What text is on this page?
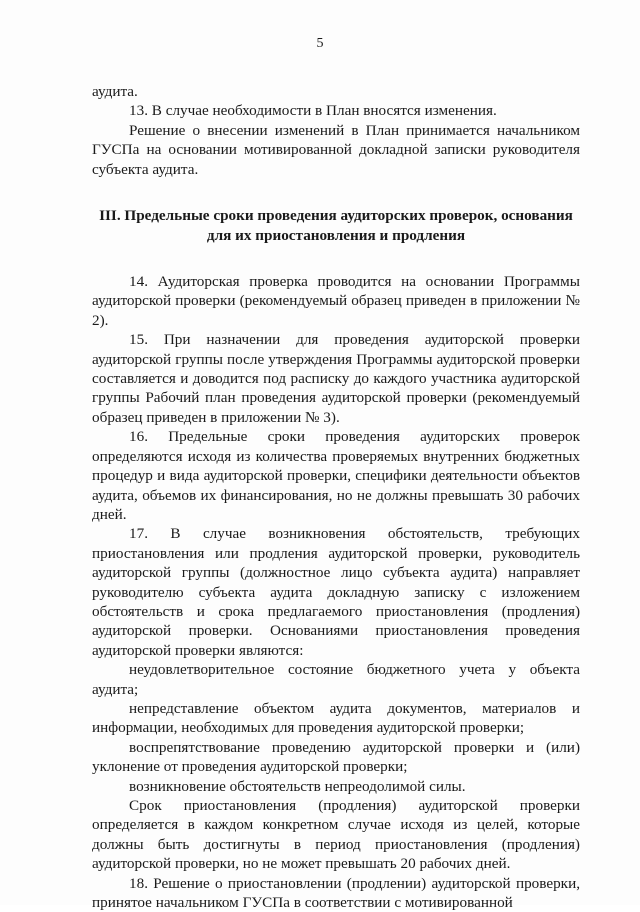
5

аудита.

13. В случае необходимости в План вносятся изменения.

Решение о внесении изменений в План принимается начальником ГУСПа на основании мотивированной докладной записки руководителя субъекта аудита.

III. Предельные сроки проведения аудиторских проверок, основания для их приостановления и продления

14. Аудиторская проверка проводится на основании Программы аудиторской проверки (рекомендуемый образец приведен в приложении № 2).

15. При назначении для проведения аудиторской проверки аудиторской группы после утверждения Программы аудиторской проверки составляется и доводится под расписку до каждого участника аудиторской группы Рабочий план проведения аудиторской проверки (рекомендуемый образец приведен в приложении № 3).

16. Предельные сроки проведения аудиторских проверок определяются исходя из количества проверяемых внутренних бюджетных процедур и вида аудиторской проверки, специфики деятельности объектов аудита, объемов их финансирования, но не должны превышать 30 рабочих дней.

17. В случае возникновения обстоятельств, требующих приостановления или продления аудиторской проверки, руководитель аудиторской группы (должностное лицо субъекта аудита) направляет руководителю субъекта аудита докладную записку с изложением обстоятельств и срока предлагаемого приостановления (продления) аудиторской проверки. Основаниями приостановления проведения аудиторской проверки являются:

неудовлетворительное состояние бюджетного учета у объекта аудита;

непредставление объектом аудита документов, материалов и информации, необходимых для проведения аудиторской проверки;

воспрепятствование проведению аудиторской проверки и (или) уклонение от проведения аудиторской проверки;

возникновение обстоятельств непреодолимой силы.

Срок приостановления (продления) аудиторской проверки определяется в каждом конкретном случае исходя из целей, которые должны быть достигнуты в период приостановления (продления) аудиторской проверки, но не может превышать 20 рабочих дней.

18. Решение о приостановлении (продлении) аудиторской проверки, принятое начальником ГУСПа в соответствии с мотивированной
